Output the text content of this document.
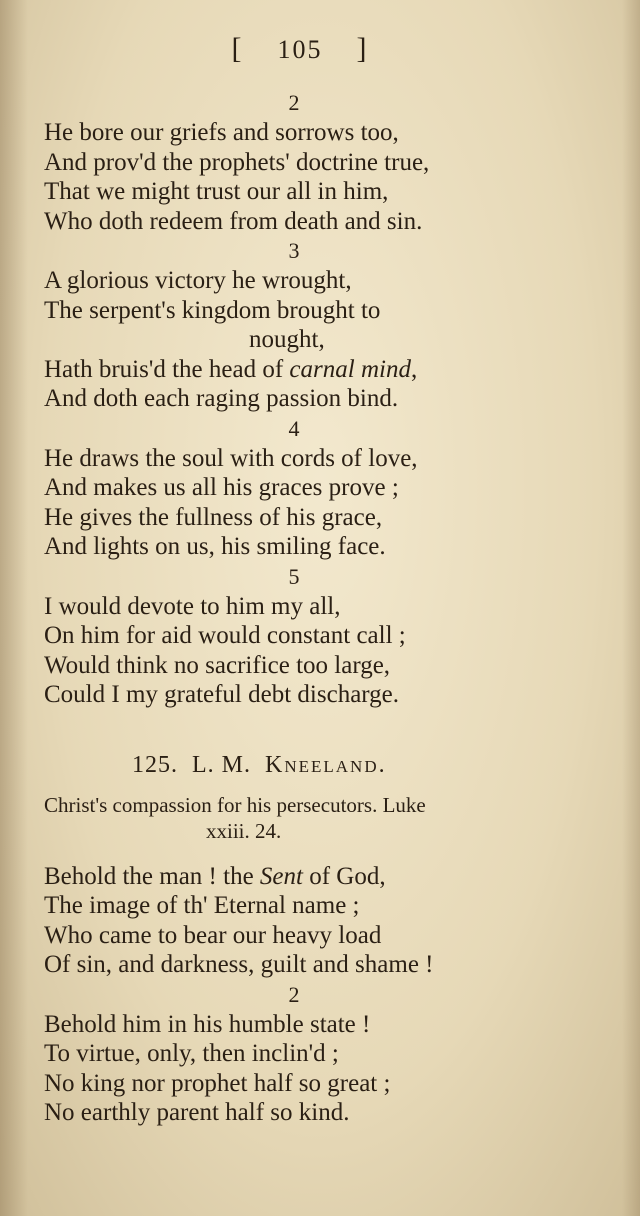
[ 105 ]
2
He bore our griefs and sorrows too,
And prov'd the prophets' doctrine true,
That we might trust our all in him,
Who doth redeem from death and sin.
3
A glorious victory he wrought,
The serpent's kingdom brought to
nought,
Hath bruis'd the head of carnal mind,
And doth each raging passion bind.
4
He draws the soul with cords of love,
And makes us all his graces prove ;
He gives the fullness of his grace,
And lights on us, his smiling face.
5
I would devote to him my all,
On him for aid would constant call ;
Would think no sacrifice too large,
Could I my grateful debt discharge.
125. L. M. Kneeland.
Christ's compassion for his persecutors. Luke
xxiii. 24.
Behold the man ! the Sent of God,
The image of th' Eternal name ;
Who came to bear our heavy load
Of sin, and darkness, guilt and shame !
2
Behold him in his humble state !
To virtue, only, then inclin'd ;
No king nor prophet half so great ;
No earthly parent half so kind.
